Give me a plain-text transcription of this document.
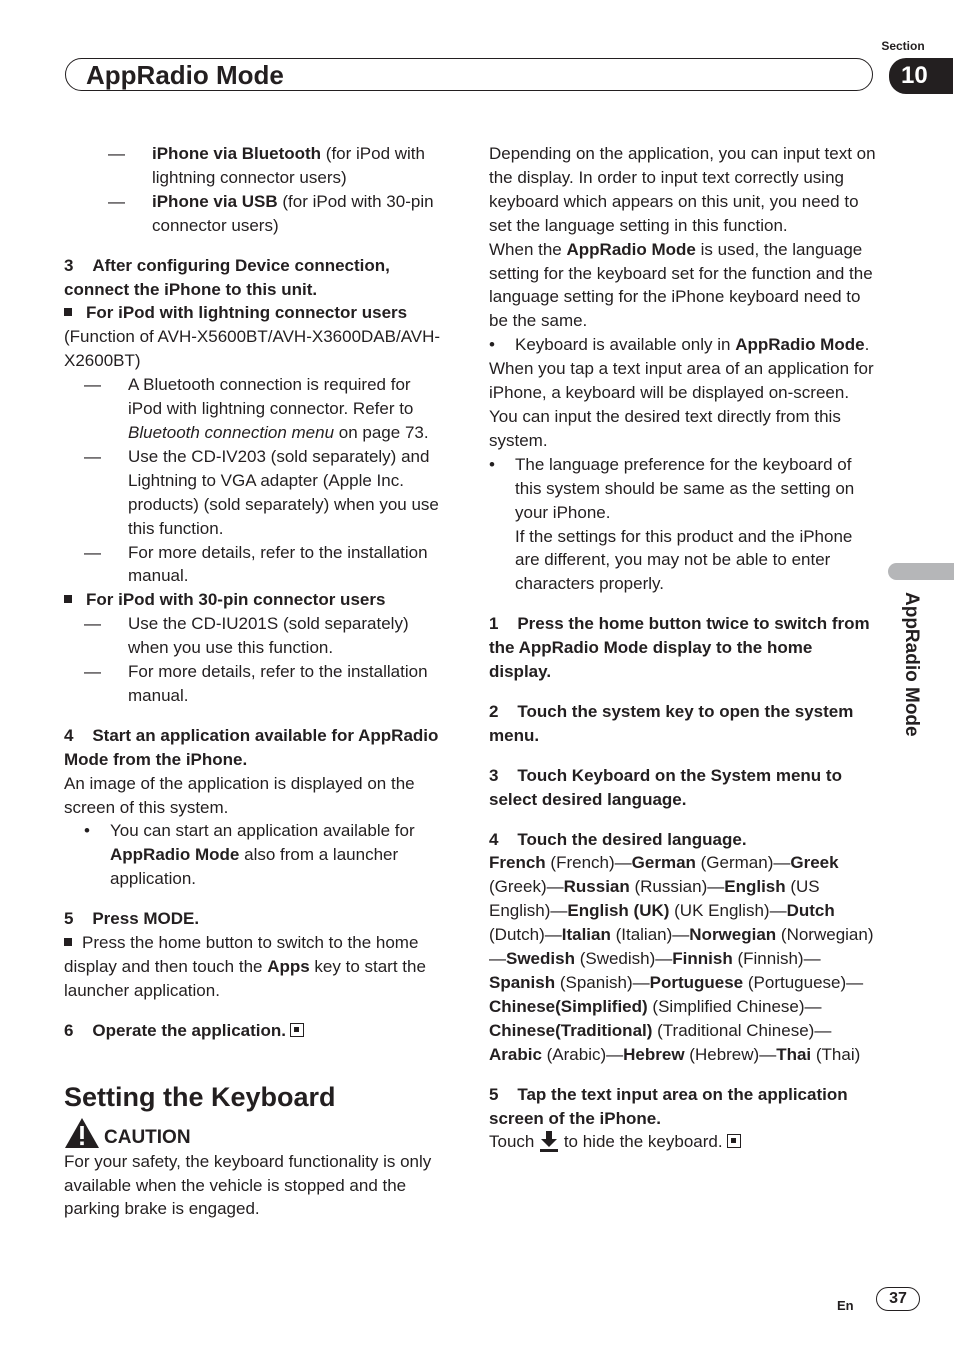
AppRadio Mode
Section
10
AppRadio Mode
— iPhone via Bluetooth (for iPod with lightning connector users)
— iPhone via USB (for iPod with 30-pin connector users)

3    After configuring Device connection, connect the iPhone to this unit.

For iPod with lightning connector users

(Function of AVH-X5600BT/AVH-X3600DAB/AVH-X2600BT)

— A Bluetooth connection is required for iPod with lightning connector. Refer to Bluetooth connection menu on page 73.
— Use the CD-IV203 (sold separately) and Lightning to VGA adapter (Apple Inc. products) (sold separately) when you use this function.
— For more details, refer to the installation manual.

For iPod with 30-pin connector users

— Use the CD-IU201S (sold separately) when you use this function.
— For more details, refer to the installation manual.

4    Start an application available for AppRadio Mode from the iPhone.

An image of the application is displayed on the screen of this system.

• You can start an application available for AppRadio Mode also from a launcher application.

5    Press MODE.

Press the home button to switch to the home display and then touch the Apps key to start the launcher application.

6    Operate the application.

Setting the Keyboard

CAUTION

For your safety, the keyboard functionality is only available when the vehicle is stopped and the parking brake is engaged.

Depending on the application, you can input text on the display. In order to input text correctly using keyboard which appears on this unit, you need to set the language setting in this function.

When the AppRadio Mode is used, the language setting for the keyboard set for the function and the language setting for the iPhone keyboard need to be the same.

• Keyboard is available only in AppRadio Mode.

When you tap a text input area of an application for iPhone, a keyboard will be displayed on-screen. You can input the desired text directly from this system.

• The language preference for the keyboard of this system should be same as the setting on your iPhone.
If the settings for this product and the iPhone are different, you may not be able to enter characters properly.

1    Press the home button twice to switch from the AppRadio Mode display to the home display.

2    Touch the system key to open the system menu.

3    Touch Keyboard on the System menu to select desired language.

4    Touch the desired language.

French (French)—German (German)—Greek (Greek)—Russian (Russian)—English (US English)—English (UK) (UK English)—Dutch (Dutch)—Italian (Italian)—Norwegian (Norwegian)—Swedish (Swedish)—Finnish (Finnish)—Spanish (Spanish)—Portuguese (Portuguese)—Chinese(Simplified) (Simplified Chinese)—Chinese(Traditional) (Traditional Chinese)—Arabic (Arabic)—Hebrew (Hebrew)—Thai (Thai)

5    Tap the text input area on the application screen of the iPhone.

Touch  to hide the keyboard.

En	37
